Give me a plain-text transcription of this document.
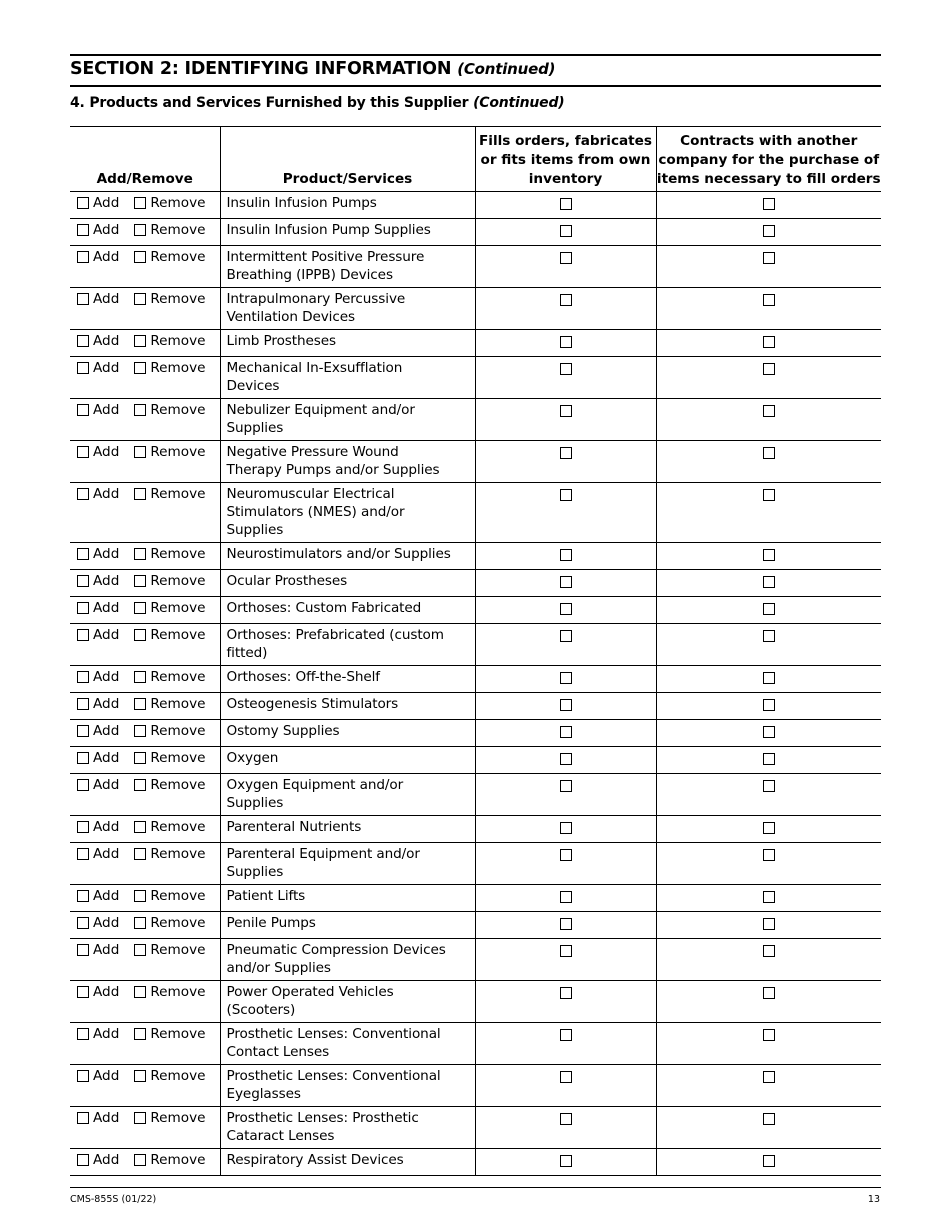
SECTION 2: IDENTIFYING INFORMATION (Continued)
4. Products and Services Furnished by this Supplier (Continued)
Add/Remove	Product/Services	Fills orders, fabricates
or fits items from own
inventory	Contracts with another
company for the purchase of
items necessary to fill orders

Add Remove	Insulin Infusion Pumps		

Add Remove	Insulin Infusion Pump Supplies		

Add Remove	Intermittent Positive Pressure
Breathing (IPPB) Devices		

Add Remove	Intrapulmonary Percussive
Ventilation Devices		

Add Remove	Limb Prostheses		

Add Remove	Mechanical In-Exsufflation
Devices		

Add Remove	Nebulizer Equipment and/or
Supplies		

Add Remove	Negative Pressure Wound
Therapy Pumps and/or Supplies		

Add Remove	Neuromuscular Electrical
Stimulators (NMES) and/or
Supplies		

Add Remove	Neurostimulators and/or Supplies		

Add Remove	Ocular Prostheses		

Add Remove	Orthoses: Custom Fabricated		

Add Remove	Orthoses: Prefabricated (custom
fitted)		

Add Remove	Orthoses: Off-the-Shelf		

Add Remove	Osteogenesis Stimulators		

Add Remove	Ostomy Supplies		

Add Remove	Oxygen		

Add Remove	Oxygen Equipment and/or
Supplies		

Add Remove	Parenteral Nutrients		

Add Remove	Parenteral Equipment and/or
Supplies		

Add Remove	Patient Lifts		

Add Remove	Penile Pumps		

Add Remove	Pneumatic Compression Devices
and/or Supplies		

Add Remove	Power Operated Vehicles
(Scooters)		

Add Remove	Prosthetic Lenses: Conventional
Contact Lenses		

Add Remove	Prosthetic Lenses: Conventional
Eyeglasses		

Add Remove	Prosthetic Lenses: Prosthetic
Cataract Lenses		

Add Remove	Respiratory Assist Devices		

CMS-855S (01/22)	13
